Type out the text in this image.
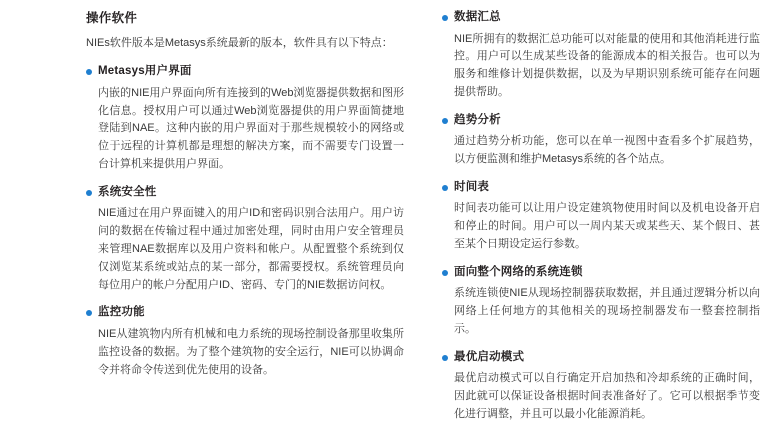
操作软件

NIEs软件版本是Metasys系统最新的版本，软件具有以下特点：

Metasys用户界面

内嵌的NIE用户界面向所有连接到的Web浏览器提供数据和图形化信息。授权用户可以通过Web浏览器提供的用户界面简捷地登陆到NAE。这种内嵌的用户界面对于那些规模较小的网络或位于远程的计算机都是理想的解决方案，而不需要专门设置一台计算机来提供用户界面。

系统安全性

NIE通过在用户界面键入的用户ID和密码识别合法用户。用户访问的数据在传输过程中通过加密处理，同时由用户安全管理员来管理NAE数据库以及用户资料和帐户。从配置整个系统到仅仅浏览某系统或站点的某一部分，都需要授权。系统管理员向每位用户的帐户分配用户ID、密码、专门的NIE数据访问权。

监控功能

NIE从建筑物内所有机械和电力系统的现场控制设备那里收集所监控设备的数据。为了整个建筑物的安全运行，NIE可以协调命令并将命令传送到优先使用的设备。

数据汇总

NIE所拥有的数据汇总功能可以对能量的使用和其他消耗进行监控。用户可以生成某些设备的能源成本的相关报告。也可以为服务和维修计划提供数据，以及为早期识别系统可能存在问题提供帮助。

趋势分析

通过趋势分析功能，您可以在单一视图中查看多个扩展趋势，以方便监测和维护Metasys系统的各个站点。

时间表

时间表功能可以让用户设定建筑物使用时间以及机电设备开启和停止的时间。用户可以一周内某天或某些天、某个假日、甚至某个日期设定运行参数。

面向整个网络的系统连锁

系统连锁使NIE从现场控制器获取数据，并且通过逻辑分析以向网络上任何地方的其他相关的现场控制器发布一整套控制指示。

最优启动模式

最优启动模式可以自行确定开启加热和冷却系统的正确时间，因此就可以保证设备根据时间表准备好了。它可以根据季节变化进行调整，并且可以最小化能源消耗。
